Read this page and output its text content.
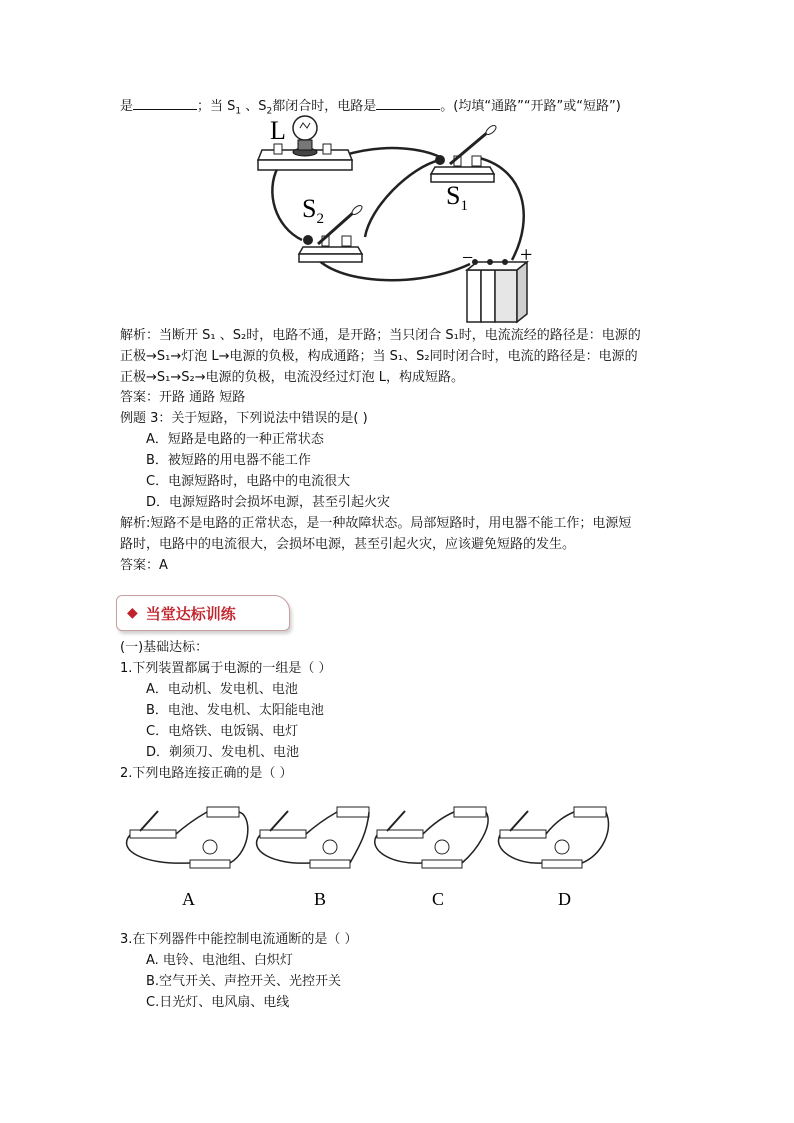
是	；当 $S_1$ 、$S_2$都闭合时，电路是	。(均填“通路”“开路”或“短路”)
L
$S_1$
$S_2$
+
−
解析：当断开 S₁ 、S₂时，电路不通，是开路；当只闭合 S₁时，电流流经的路径是：电源的
正极→S₁→灯泡 L→电源的负极，构成通路；当 S₁、S₂同时闭合时，电流的路径是：电源的
正极→S₁→S₂→电源的负极，电流没经过灯泡 L，构成短路。
答案：开路 通路 短路
例题 3：关于短路，下列说法中错误的是( )
A．短路是电路的一种正常状态
B．被短路的用电器不能工作
C．电源短路时，电路中的电流很大
D．电源短路时会损坏电源，甚至引起火灾
解析:短路不是电路的正常状态，是一种故障状态。局部短路时，用电器不能工作；电源短
路时，电路中的电流很大，会损坏电源，甚至引起火灾，应该避免短路的发生。
答案：A
◆ 当堂达标训练
(一)基础达标：
1.下列装置都属于电源的一组是（ ）
A．电动机、发电机、电池
B．电池、发电机、太阳能电池
C．电烙铁、电饭锅、电灯
D．剃须刀、发电机、电池
2.下列电路连接正确的是（ ）
A	B	C	D
3.在下列器件中能控制电流通断的是（ ）
A. 电铃、电池组、白炽灯
B.空气开关、声控开关、光控开关
C.日光灯、电风扇、电线
